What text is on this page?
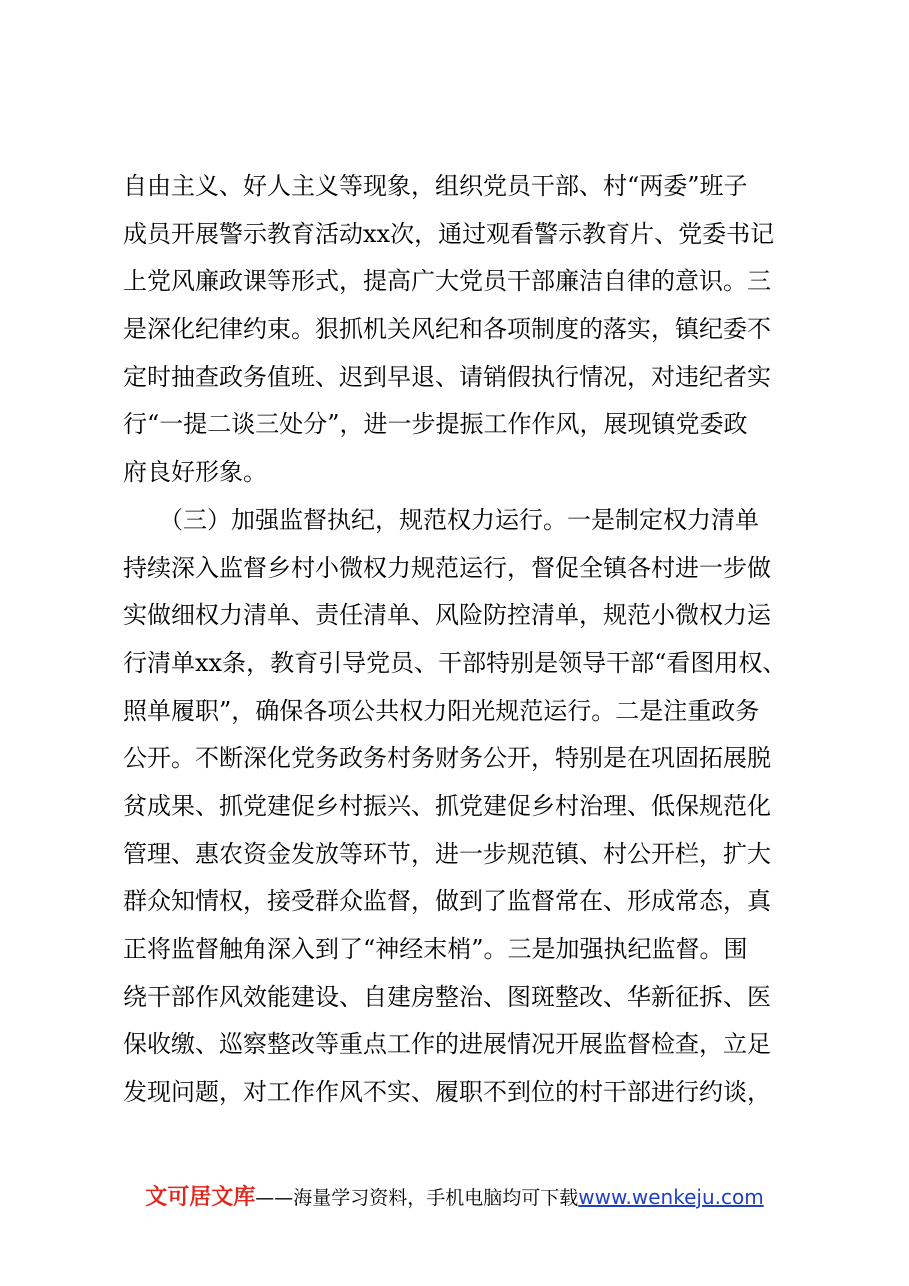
自由主义、好人主义等现象，组织党员干部、村“两委”班子
成员开展警示教育活动xx次，通过观看警示教育片、党委书记
上党风廉政课等形式，提高广大党员干部廉洁自律的意识。三
是深化纪律约束。狠抓机关风纪和各项制度的落实，镇纪委不
定时抽查政务值班、迟到早退、请销假执行情况，对违纪者实
行“一提二谈三处分”，进一步提振工作作风，展现镇党委政
府良好形象。
　　（三）加强监督执纪，规范权力运行。一是制定权力清单
持续深入监督乡村小微权力规范运行，督促全镇各村进一步做
实做细权力清单、责任清单、风险防控清单，规范小微权力运
行清单xx条，教育引导党员、干部特别是领导干部“看图用权、
照单履职”，确保各项公共权力阳光规范运行。二是注重政务
公开。不断深化党务政务村务财务公开，特别是在巩固拓展脱
贫成果、抓党建促乡村振兴、抓党建促乡村治理、低保规范化
管理、惠农资金发放等环节，进一步规范镇、村公开栏，扩大
群众知情权，接受群众监督，做到了监督常在、形成常态，真
正将监督触角深入到了“神经末梢”。三是加强执纪监督。围
绕干部作风效能建设、自建房整治、图斑整改、华新征拆、医
保收缴、巡察整改等重点工作的进展情况开展监督检查，立足
发现问题，对工作作风不实、履职不到位的村干部进行约谈，
文可居文库——海量学习资料，手机电脑均可下载www.wenkeju.com
